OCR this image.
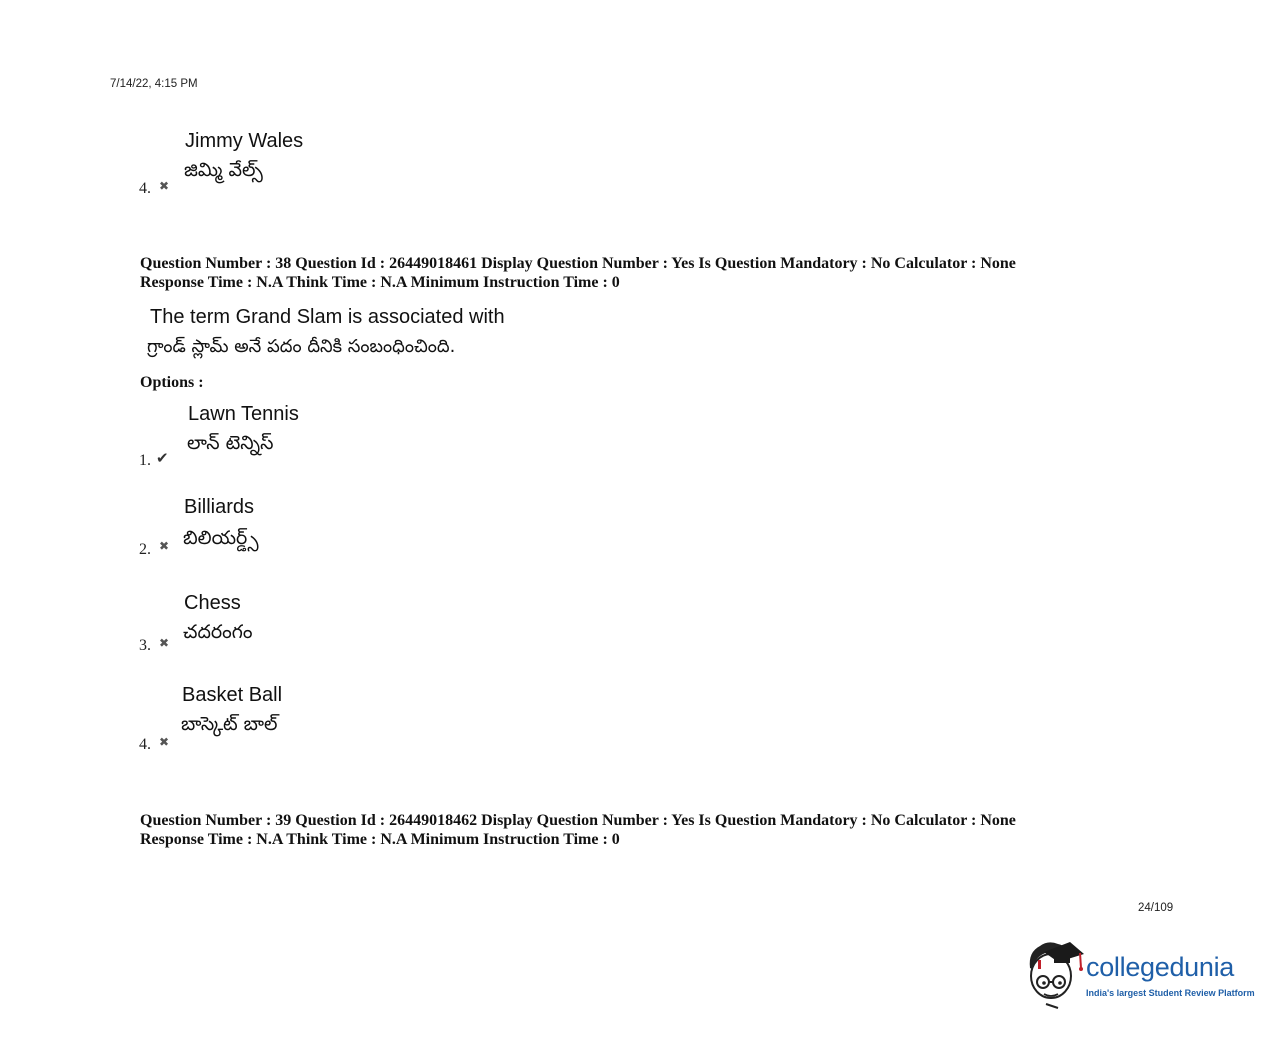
7/14/22, 4:15 PM
Jimmy Wales
జిమ్మి వేల్స్
4. ✖
Question Number : 38 Question Id : 26449018461 Display Question Number : Yes Is Question Mandatory : No Calculator : None
Response Time : N.A Think Time : N.A Minimum Instruction Time : 0
The term Grand Slam is associated with
గ్రాండ్ స్లామ్ అనే పదం దీనికి సంబంధించింది.
Options :
Lawn Tennis
లాన్ టెన్నిస్
1. ✔
Billiards
బిలియర్డ్స్
2. ✖
Chess
చదరంగం
3. ✖
Basket Ball
బాస్కెట్ బాల్
4. ✖
Question Number : 39 Question Id : 26449018462 Display Question Number : Yes Is Question Mandatory : No Calculator : None
Response Time : N.A Think Time : N.A Minimum Instruction Time : 0
24/109
collegedunia
India's largest Student Review Platform
